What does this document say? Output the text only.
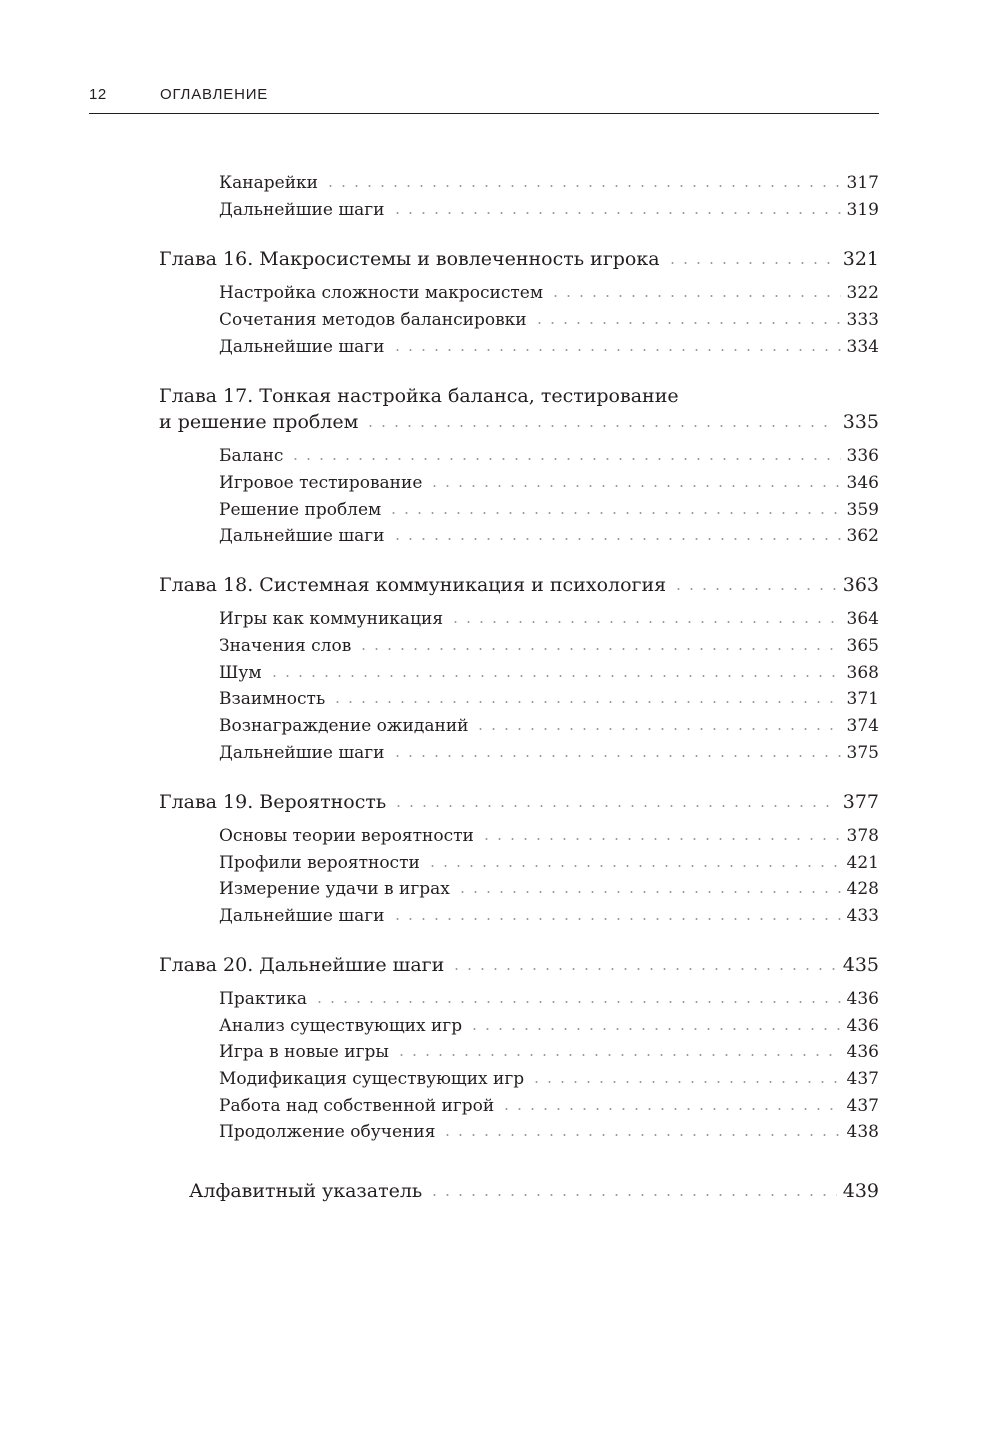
12	ОГЛАВЛЕНИЕ
Канарейки	317
Дальнейшие шаги	319
Глава 16. Макросистемы и вовлеченность игрока	321
Настройка сложности макросистем	322
Сочетания методов балансировки	333
Дальнейшие шаги	334
Глава 17. Тонкая настройка баланса, тестирование
и решение проблем	335
Баланс	336
Игровое тестирование	346
Решение проблем	359
Дальнейшие шаги	362
Глава 18. Системная коммуникация и психология	363
Игры как коммуникация	364
Значения слов	365
Шум	368
Взаимность	371
Вознаграждение ожиданий	374
Дальнейшие шаги	375
Глава 19. Вероятность	377
Основы теории вероятности	378
Профили вероятности	421
Измерение удачи в играх	428
Дальнейшие шаги	433
Глава 20. Дальнейшие шаги	435
Практика	436
Анализ существующих игр	436
Игра в новые игры	436
Модификация существующих игр	437
Работа над собственной игрой	437
Продолжение обучения	438
Алфавитный указатель	439
